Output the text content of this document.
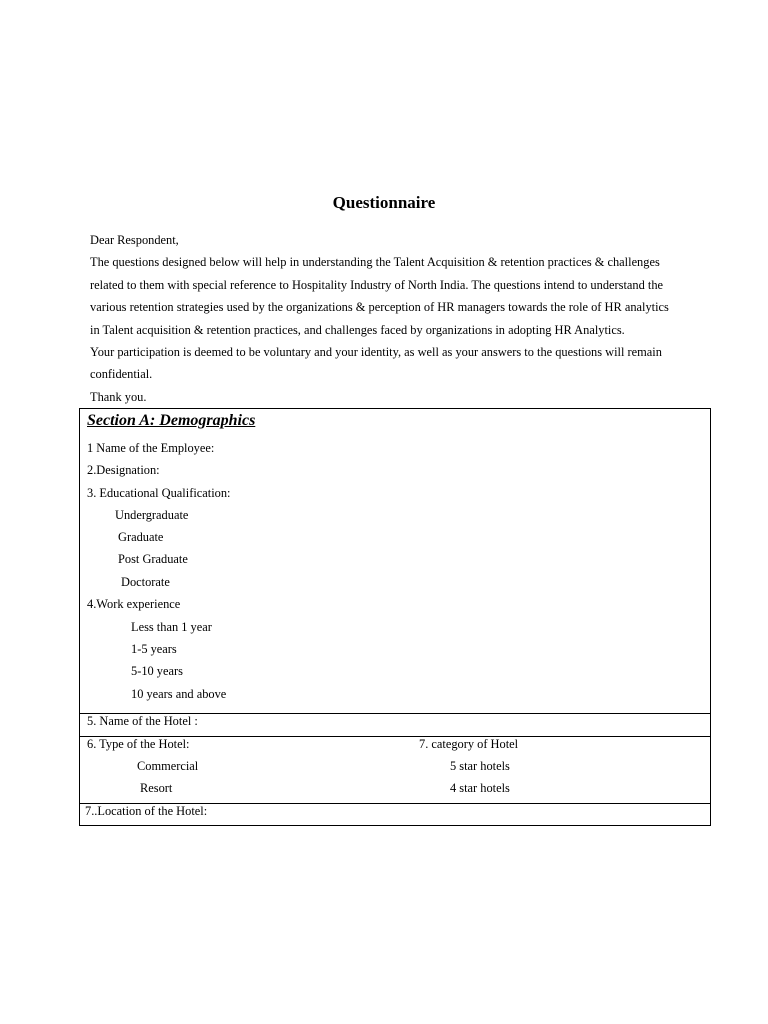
Questionnaire
Dear Respondent,
The questions designed below will help in understanding the Talent Acquisition & retention practices & challenges
related to them with special reference to Hospitality Industry of North India. The questions intend to understand the
various retention strategies used by the organizations & perception of HR managers towards the role of HR analytics
in Talent acquisition & retention practices, and challenges faced by organizations in adopting HR Analytics.
Your participation is deemed to be voluntary and your identity, as well as your answers to the questions will remain
confidential.
Thank you.
Section A: Demographics
1 Name of the Employee:
2.Designation:
3. Educational Qualification:
Undergraduate
Graduate
Post Graduate
Doctorate
4.Work experience
Less than 1 year
1-5 years
5-10 years
10 years and above
5. Name of the Hotel :
6. Type of the Hotel:
Commercial
Resort
7. category of Hotel
5 star hotels
4 star hotels
7..Location of the Hotel:
